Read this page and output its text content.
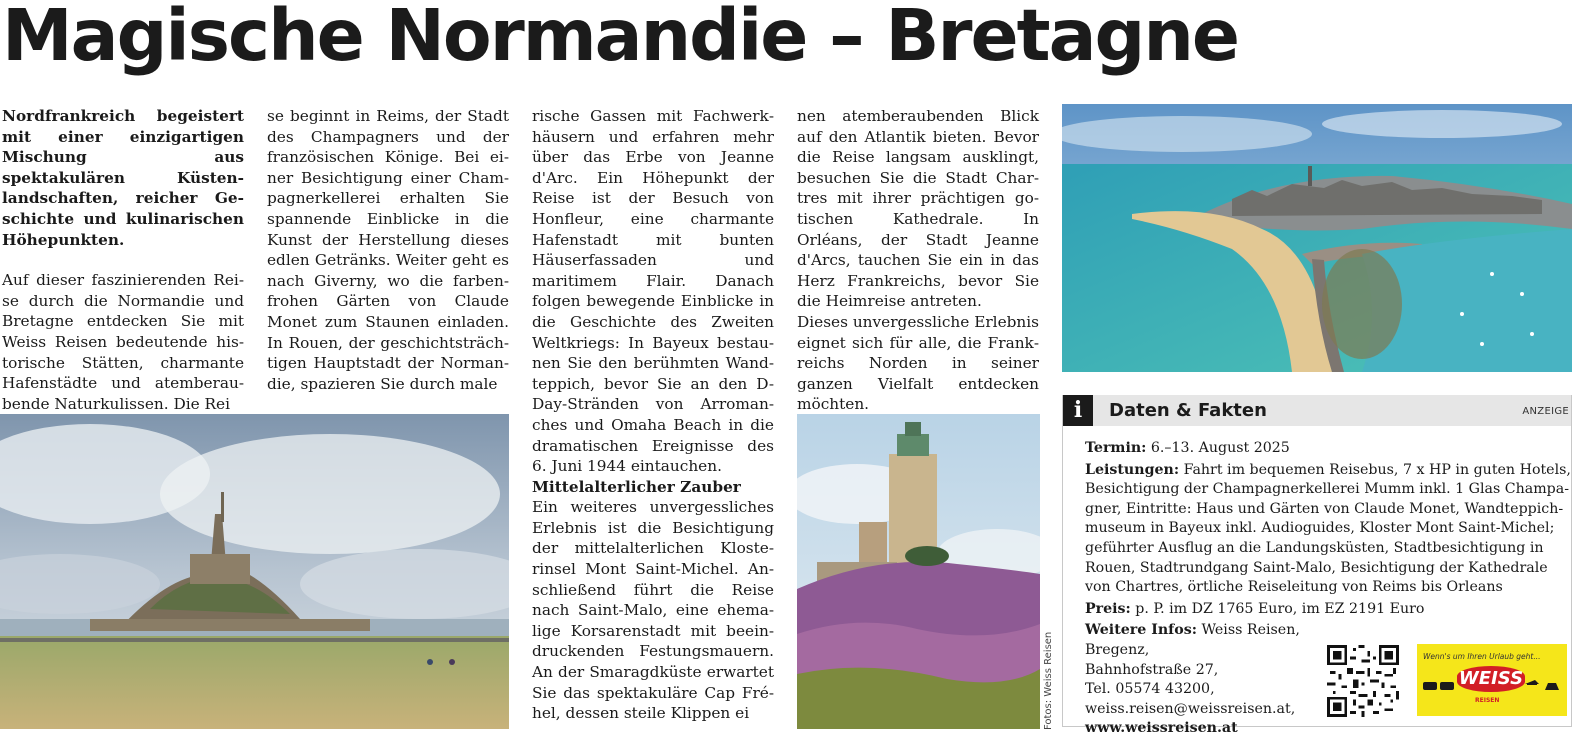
Magische Normandie – Bretagne

Nordfrankreich begeistert mit einer einzigartigen Mischung aus spektakulären Küstenlandschaften, reicher Geschichte und kulinarischen Höhepunkten.

Auf dieser faszinierenden Reise durch die Normandie und Bretagne entdecken Sie mit Weiss Reisen bedeutende historische Stätten, charmante Hafenstädte und atemberaubende Naturkulissen. Die Rei

se beginnt in Reims, der Stadt des Champagners und der französischen Könige. Bei einer Besichtigung einer Champagnerkellerei erhalten Sie spannende Einblicke in die Kunst der Herstellung dieses edlen Getränks. Weiter geht es nach Giverny, wo die farbenfrohen Gärten von Claude Monet zum Staunen einladen. In Rouen, der geschichtsträchtigen Hauptstadt der Normandie, spazieren Sie durch male

rische Gassen mit Fachwerkhäusern und erfahren mehr über das Erbe von Jeanne d'Arc. Ein Höhepunkt der Reise ist der Besuch von Honfleur, eine charmante Hafenstadt mit bunten Häuserfassaden und maritimem Flair. Danach folgen bewegende Einblicke in die Geschichte des Zweiten Weltkriegs: In Bayeux bestaunen Sie den berühmten Wandteppich, bevor Sie an den D-Day-Stränden von Arromanches und Omaha Beach in die dramatischen Ereignisse des 6. Juni 1944 eintauchen.

Mittelalterlicher Zauber

Ein weiteres unvergessliches Erlebnis ist die Besichtigung der mittelalterlichen Klosterinsel Mont Saint-Michel. Anschließend führt die Reise nach Saint-Malo, eine ehemalige Korsarenstadt mit beeindruckenden Festungsmauern. An der Smaragdküste erwartet Sie das spektakuläre Cap Fréhel, dessen steile Klippen ei

nen atemberaubenden Blick auf den Atlantik bieten. Bevor die Reise langsam ausklingt, besuchen Sie die Stadt Chartres mit ihrer prächtigen gotischen Kathedrale. In Orléans, der Stadt Jeanne d'Arcs, tauchen Sie ein in das Herz Frankreichs, bevor Sie die Heimreise antreten.

Dieses unvergessliche Erlebnis eignet sich für alle, die Frankreichs Norden in seiner ganzen Vielfalt entdecken möchten.

Fotos: Weiss Reisen
i	Daten & Fakten	ANZEIGE
Termin: 6.–13. August 2025
Leistungen: Fahrt im bequemen Reisebus, 7 x HP in guten Hotels, Besichtigung der Champagnerkellerei Mumm inkl. 1 Glas Champagner, Eintritte: Haus und Gärten von Claude Monet, Wandteppichmuseum in Bayeux inkl. Audioguides, Kloster Mont Saint-Michel; geführter Ausflug an die Landungsküsten, Stadtbesichtigung in Rouen, Stadtrundgang Saint-Malo, Besichtigung der Kathedrale von Chartres, örtliche Reiseleitung von Reims bis Orleans
Preis: p. P. im DZ 1765 Euro, im EZ 2191 Euro
Weitere Infos: Weiss Reisen, Bregenz,
Bahnhofstraße 27,
Tel. 05574 43200,
weiss.reisen@weissreisen.at,
www.weissreisen.at
Wenn's um Ihren Urlaub geht...
WEISS
REISEN
